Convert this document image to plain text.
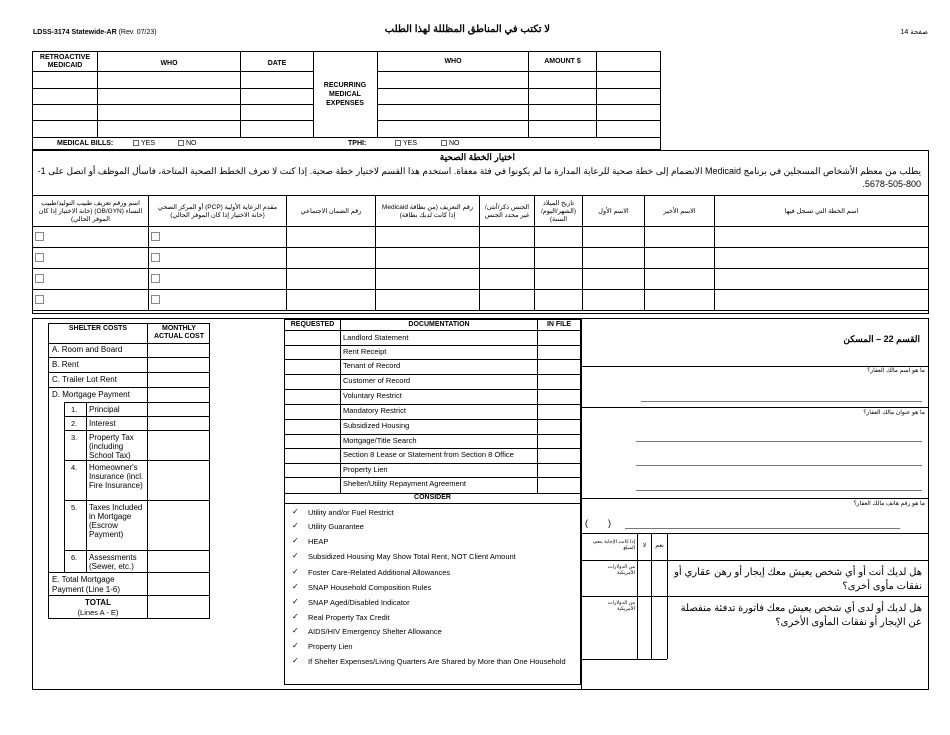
LDSS-3174 Statewide-AR (Rev. 07/23)	لا تكتب في المناطق المظللة لهذا الطلب	صفحة 14
RETROACTIVE MEDICAID	WHO	DATE
RECURRING MEDICAL EXPENSES
WHO	AMOUNT $
MEDICAL BILLS:	YES	NO	TPHI:	YES	NO
اختيار الخطة الصحية
يطلب من معظم الأشخاص المسجلين في برنامج Medicaid الانضمام إلى خطة صحية للرعاية المدارة ما لم يكونوا في فئة معفاة. استخدم هذا القسم لاختيار خطة صحية. إذا كنت لا تعرف الخطط الصحية المتاحة، فاسأل الموظف أو اتصل على 1-800-505-5678.
اسم ورقم تعريف طبيب التوليد/طبيب النساء (OB/GYN) (خانة الاختيار إذا كان الموفر الحالي)	مقدم الرعاية الأولية (PCP) أو المركز الصحي (خانة الاختيار إذا كان الموفر الحالي)	رقم الضمان الاجتماعي	رقم التعريف (من بطاقة Medicaid إذا كانت لديك بطاقة)	الجنس ذكر/أنثى/غير محدد الجنس	تاريخ الميلاد (الشهر/اليوم/السنة)	الاسم الأول	الاسم الأخير	اسم الخطة التي تسجل فيها

SHELTER COSTS	MONTHLY ACTUAL COST
A. Room and Board
B. Rent
C. Trailer Lot Rent
D. Mortgage Payment
1. Principal
2. Interest
3. Property Tax (including School Tax)
4. Homeowner's Insurance (incl. Fire Insurance)
5. Taxes Included in Mortgage (Escrow Payment)
6. Assessments (Sewer, etc.)
E. Total Mortgage Payment (Line 1-6)
TOTAL
(Lines A - E)
REQUESTED	DOCUMENTATION	IN FILE
Landlord Statement
Rent Receipt
Tenant of Record
Customer of Record
Voluntary Restrict
Mandatory Restrict
Subsidized Housing
Mortgage/Title Search
Section 8 Lease or Statement from Section 8 Office
Property Lien
Shelter/Utility Repayment Agreement
CONSIDER
✓ Utility and/or Fuel Restrict
✓ Utility Guarantee
✓ HEAP
✓ Subsidized Housing May Show Total Rent, NOT Client Amount
✓ Foster Care-Related Additional Allowances
✓ SNAP Household Composition Rules
✓ SNAP Aged/Disabled Indicator
✓ Real Property Tax Credit
✓ AIDS/HIV Emergency Shelter Allowance
✓ Property Lien
✓ If Shelter Expenses/Living Quarters Are Shared by More than One Household
القسم 22 – المسكن
ما هو اسم مالك العقار؟
ما هو عنوان مالك العقار؟
ما هو رقم هاتف مالك العقار؟
(        )
إذا كانت الإجابة بنعم، المبلغ	لا	نعم
من الدولارات الأمريكية
من الدولارات الأمريكية
هل لديك أنت أو أي شخص يعيش معك إيجار أو رهن عقاري أو نفقات مأوى أخرى؟
هل لديك أو لدى أي شخص يعيش معك فاتورة تدفئة منفصلة عن الإيجار أو نفقات المأوى الأخرى؟
